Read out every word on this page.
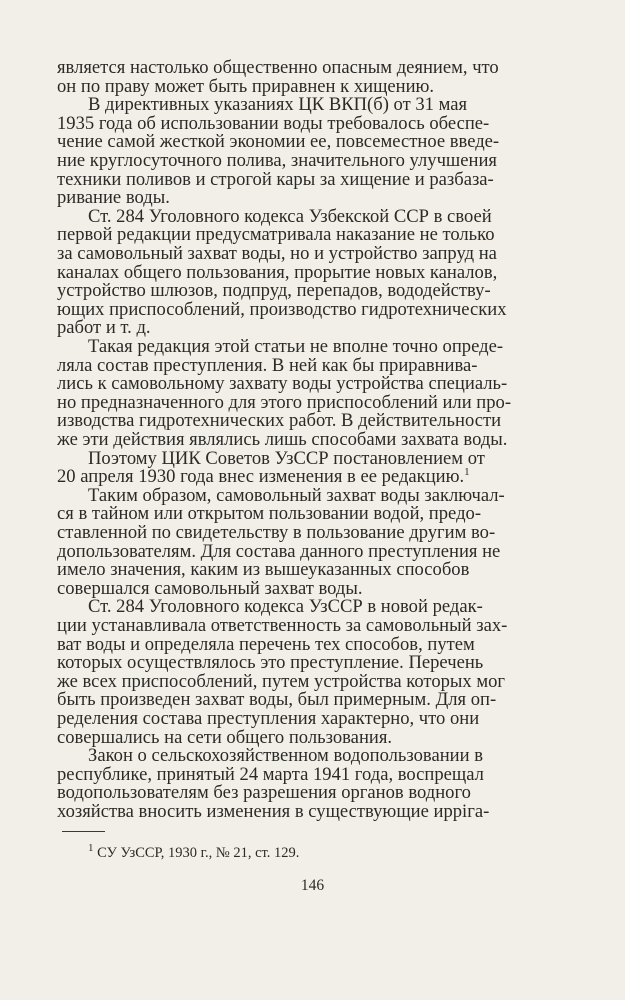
является настолько общественно опасным деянием, что
он по праву может быть приравнен к хищению.
В директивных указаниях ЦК ВКП(б) от 31 мая
1935 года об использовании воды требовалось обеспе-
чение самой жесткой экономии ее, повсеместное введе-
ние круглосуточного полива, значительного улучшения
техники поливов и строгой кары за хищение и разбаза-
ривание воды.
Ст. 284 Уголовного кодекса Узбекской ССР в своей
первой редакции предусматривала наказание не только
за самовольный захват воды, но и устройство запруд на
каналах общего пользования, прорытие новых каналов,
устройство шлюзов, подпруд, перепадов, вододейству-
ющих приспособлений, производство гидротехнических
работ и т. д.
Такая редакция этой статьи не вполне точно опреде-
ляла состав преступления. В ней как бы приравнива-
лись к самовольному захвату воды устройства специаль-
но предназначенного для этого приспособлений или про-
изводства гидротехнических работ. В действительности
же эти действия являлись лишь способами захвата воды.
Поэтому ЦИК Советов УзССР постановлением от
20 апреля 1930 года внес изменения в ее редакцию.$^1$
Таким образом, самовольный захват воды заключал-
ся в тайном или открытом пользовании водой, предо-
ставленной по свидетельству в пользование другим во-
допользователям. Для состава данного преступления не
имело значения, каким из вышеуказанных способов
совершался самовольный захват воды.
Ст. 284 Уголовного кодекса УзССР в новой редак-
ции устанавливала ответственность за самовольный зах-
ват воды и определяла перечень тех способов, путем
которых осуществлялось это преступление. Перечень
же всех приспособлений, путем устройства которых мог
быть произведен захват воды, был примерным. Для оп-
ределения состава преступления характерно, что они
совершались на сети общего пользования.
Закон о сельскохозяйственном водопользовании в
республике, принятый 24 марта 1941 года, воспрещал
водопользователям без разрешения органов водного
хозяйства вносить изменения в существующие ирріга-
$^1$ СУ УзССР, 1930 г., № 21, ст. 129.
146
